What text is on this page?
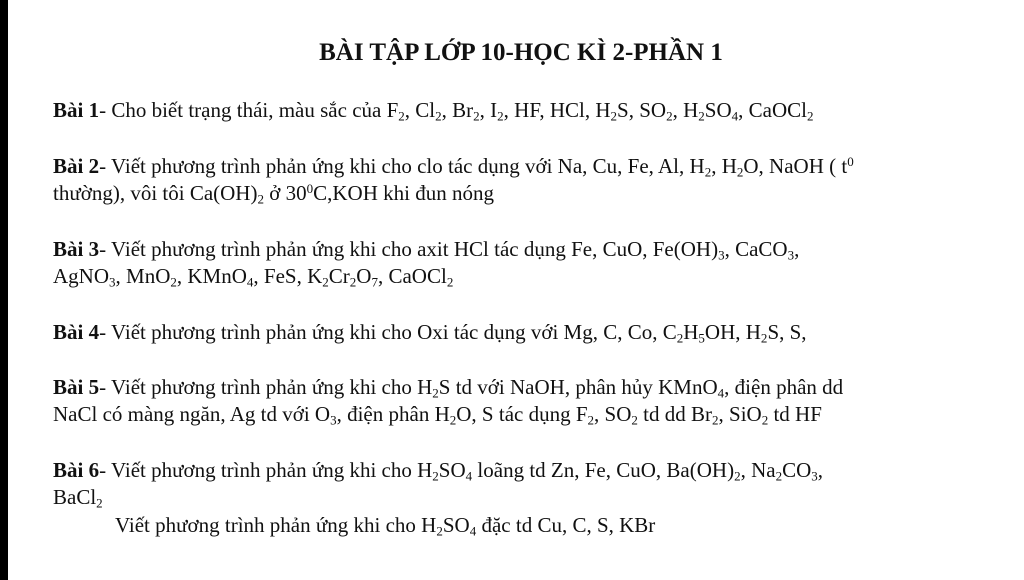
BÀI TẬP LỚP 10-HỌC KÌ 2-PHẦN 1
Bài 1- Cho biết trạng thái, màu sắc của $F_2$, $Cl_2$, $Br_2$, $I_2$, HF, HCl, $H_2S$, $SO_2$, $H_2SO_4$, CaOCl$_2$
Bài 2- Viết phương trình phản ứng khi cho clo tác dụng với Na, Cu, Fe, Al, $H_2$, $H_2O$, NaOH ( $t^0$
thường), vôi tôi $Ca(OH)_2$ ở $30^0C,KOH$ khi đun nóng
Bài 3- Viết phương trình phản ứng khi cho axit HCl tác dụng Fe, CuO, $Fe(OH)_3$, CaCO$_3$,
AgNO$_3$, MnO$_2$, KMnO$_4$, FeS, $K_2Cr_2O_7$, CaOCl$_2$
Bài 4- Viết phương trình phản ứng khi cho Oxi tác dụng với Mg, C, Co, $C_2H_5OH$, $H_2S$, S,
Bài 5- Viết phương trình phản ứng khi cho $H_2S$ td với NaOH, phân hủy KMnO$_4$, điện phân dd
NaCl có màng ngăn, Ag td với $O_3$, điện phân $H_2O$, S tác dụng $F_2$, $SO_2$ td dd $Br_2$, SiO$_2$ td HF
Bài 6- Viết phương trình phản ứng khi cho $H_2SO_4$ loãng td Zn, Fe, CuO, $Ba(OH)_2$, $Na_2CO_3$,
BaCl$_2$
Viết phương trình phản ứng khi cho $H_2SO_4$ đặc td Cu, C, S, KBr
